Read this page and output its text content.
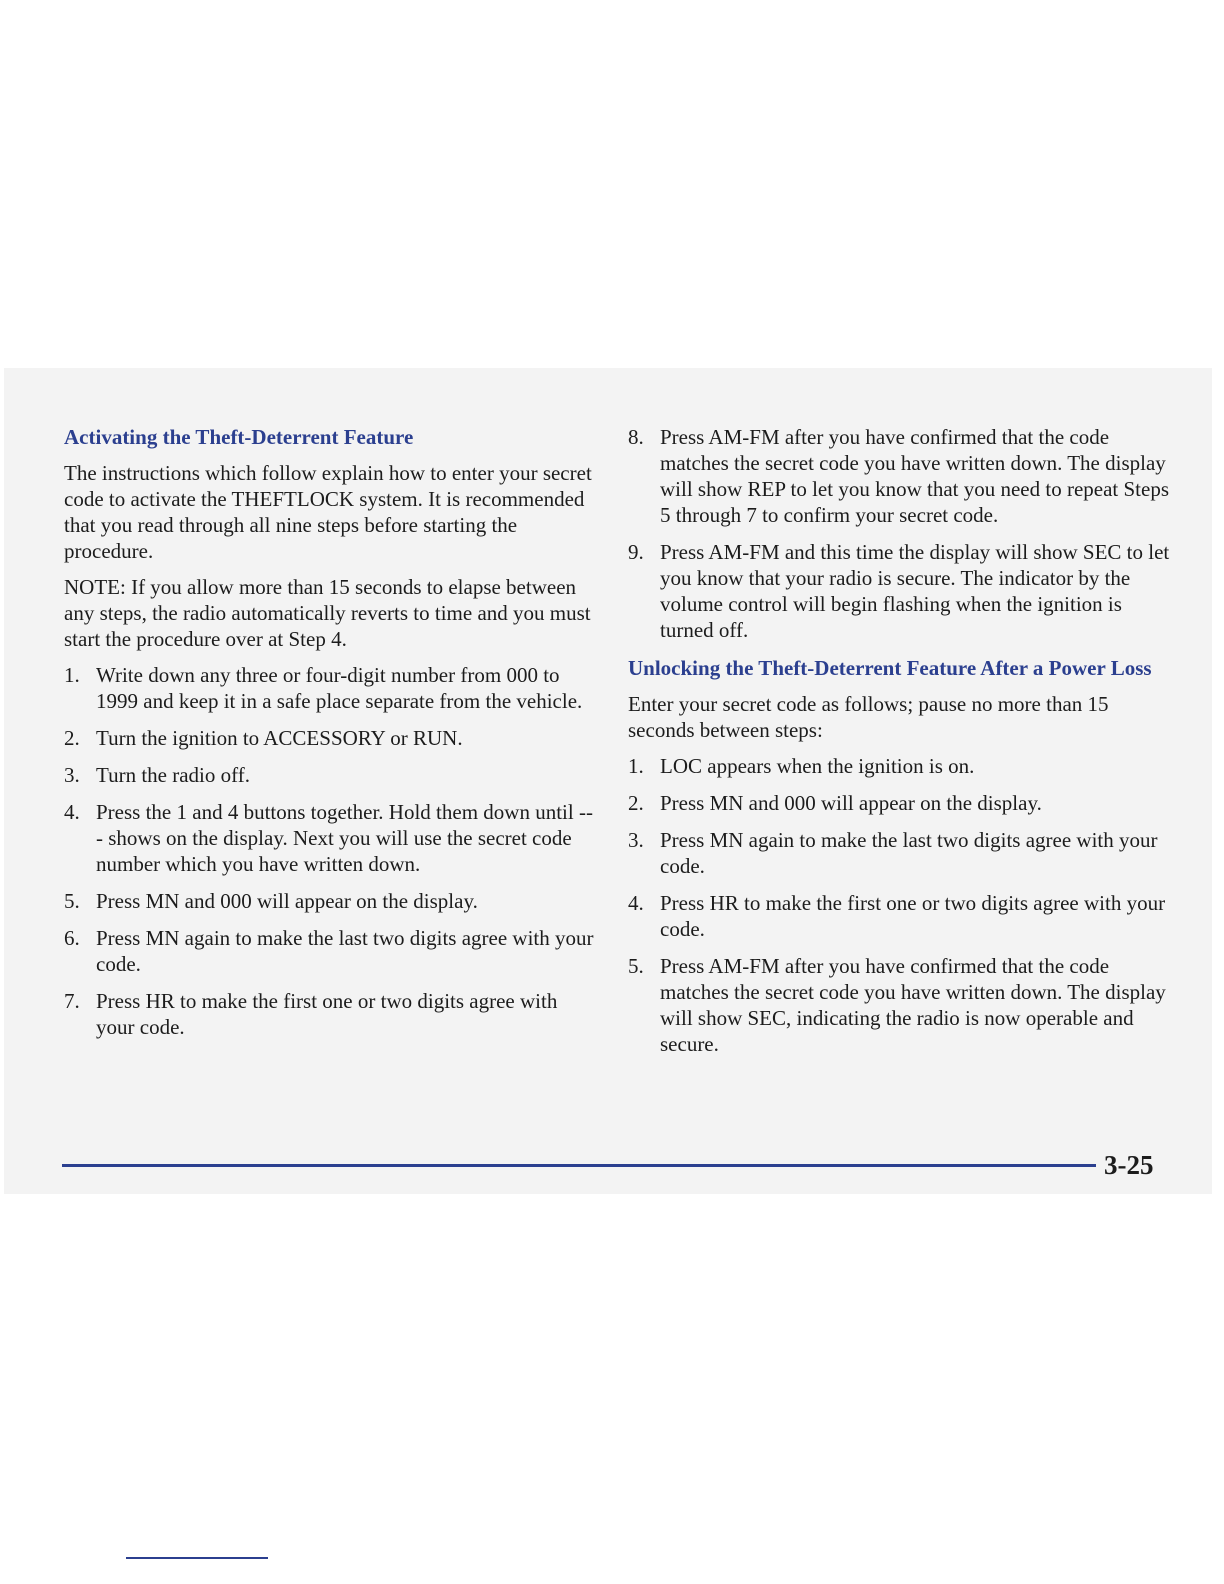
Activating the Theft-Deterrent Feature

The instructions which follow explain how to enter your secret code to activate the THEFTLOCK system. It is recommended that you read through all nine steps before starting the procedure.

NOTE: If you allow more than 15 seconds to elapse between any steps, the radio automatically reverts to time and you must start the procedure over at Step 4.

1. Write down any three or four-digit number from 000 to 1999 and keep it in a safe place separate from the vehicle.
2. Turn the ignition to ACCESSORY or RUN.
3. Turn the radio off.
4. Press the 1 and 4 buttons together. Hold them down until --- shows on the display. Next you will use the secret code number which you have written down.
5. Press MN and 000 will appear on the display.
6. Press MN again to make the last two digits agree with your code.
7. Press HR to make the first one or two digits agree with your code.
8. Press AM-FM after you have confirmed that the code matches the secret code you have written down. The display will show REP to let you know that you need to repeat Steps 5 through 7 to confirm your secret code.
9. Press AM-FM and this time the display will show SEC to let you know that your radio is secure. The indicator by the volume control will begin flashing when the ignition is turned off.
Unlocking the Theft-Deterrent Feature After a Power Loss

Enter your secret code as follows; pause no more than 15 seconds between steps:

1. LOC appears when the ignition is on.
2. Press MN and 000 will appear on the display.
3. Press MN again to make the last two digits agree with your code.
4. Press HR to make the first one or two digits agree with your code.
5. Press AM-FM after you have confirmed that the code matches the secret code you have written down. The display will show SEC, indicating the radio is now operable and secure.
3-25
